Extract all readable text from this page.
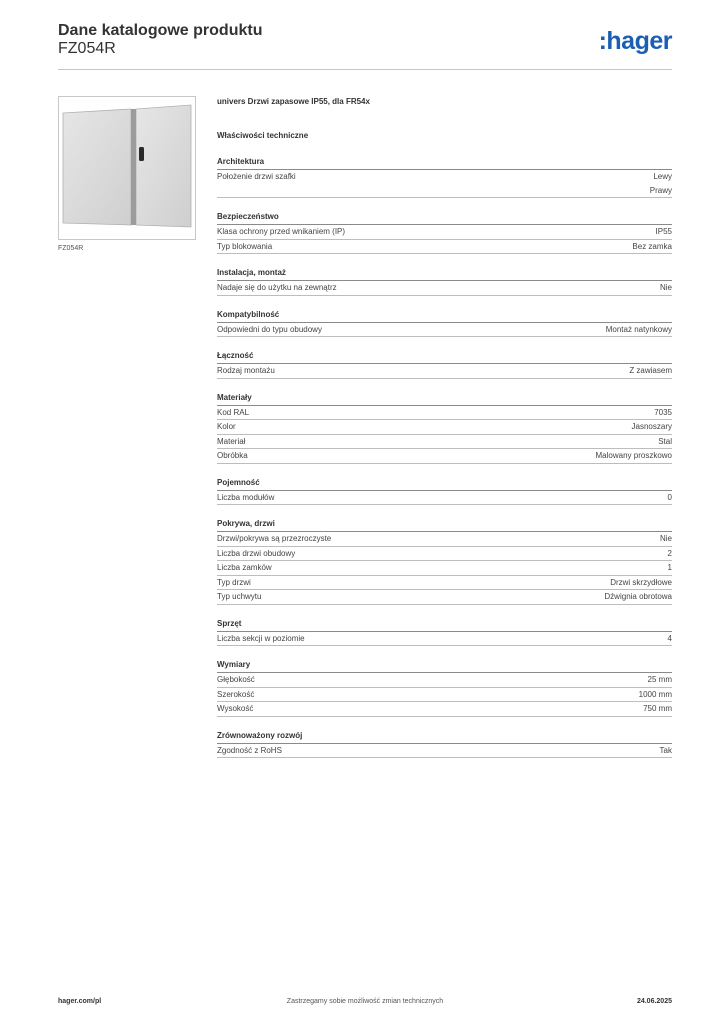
Dane katalogowe produktu
FZ054R	:hager
FZ054R
univers Drzwi zapasowe IP55, dla FR54x
Właściwości techniczne
Architektura
Położenie drzwi szafki	Lewy
Prawy
Bezpieczeństwo
Klasa ochrony przed wnikaniem (IP)	IP55
Typ blokowania	Bez zamka
Instalacja, montaż
Nadaje się do użytku na zewnątrz	Nie
Kompatybilność
Odpowiedni do typu obudowy	Montaż natynkowy
Łączność
Rodzaj montażu	Z zawiasem
Materiały
Kod RAL	7035
Kolor	Jasnoszary
Materiał	Stal
Obróbka	Malowany proszkowo
Pojemność
Liczba modułów	0
Pokrywa, drzwi
Drzwi/pokrywa są przezroczyste	Nie
Liczba drzwi obudowy	2
Liczba zamków	1
Typ drzwi	Drzwi skrzydłowe
Typ uchwytu	Dźwignia obrotowa
Sprzęt
Liczba sekcji w poziomie	4
Wymiary
Głębokość	25 mm
Szerokość	1000 mm
Wysokość	750 mm
Zrównoważony rozwój
Zgodność z RoHS	Tak
hager.com/pl	Zastrzegamy sobie możliwość zmian technicznych	24.06.2025
